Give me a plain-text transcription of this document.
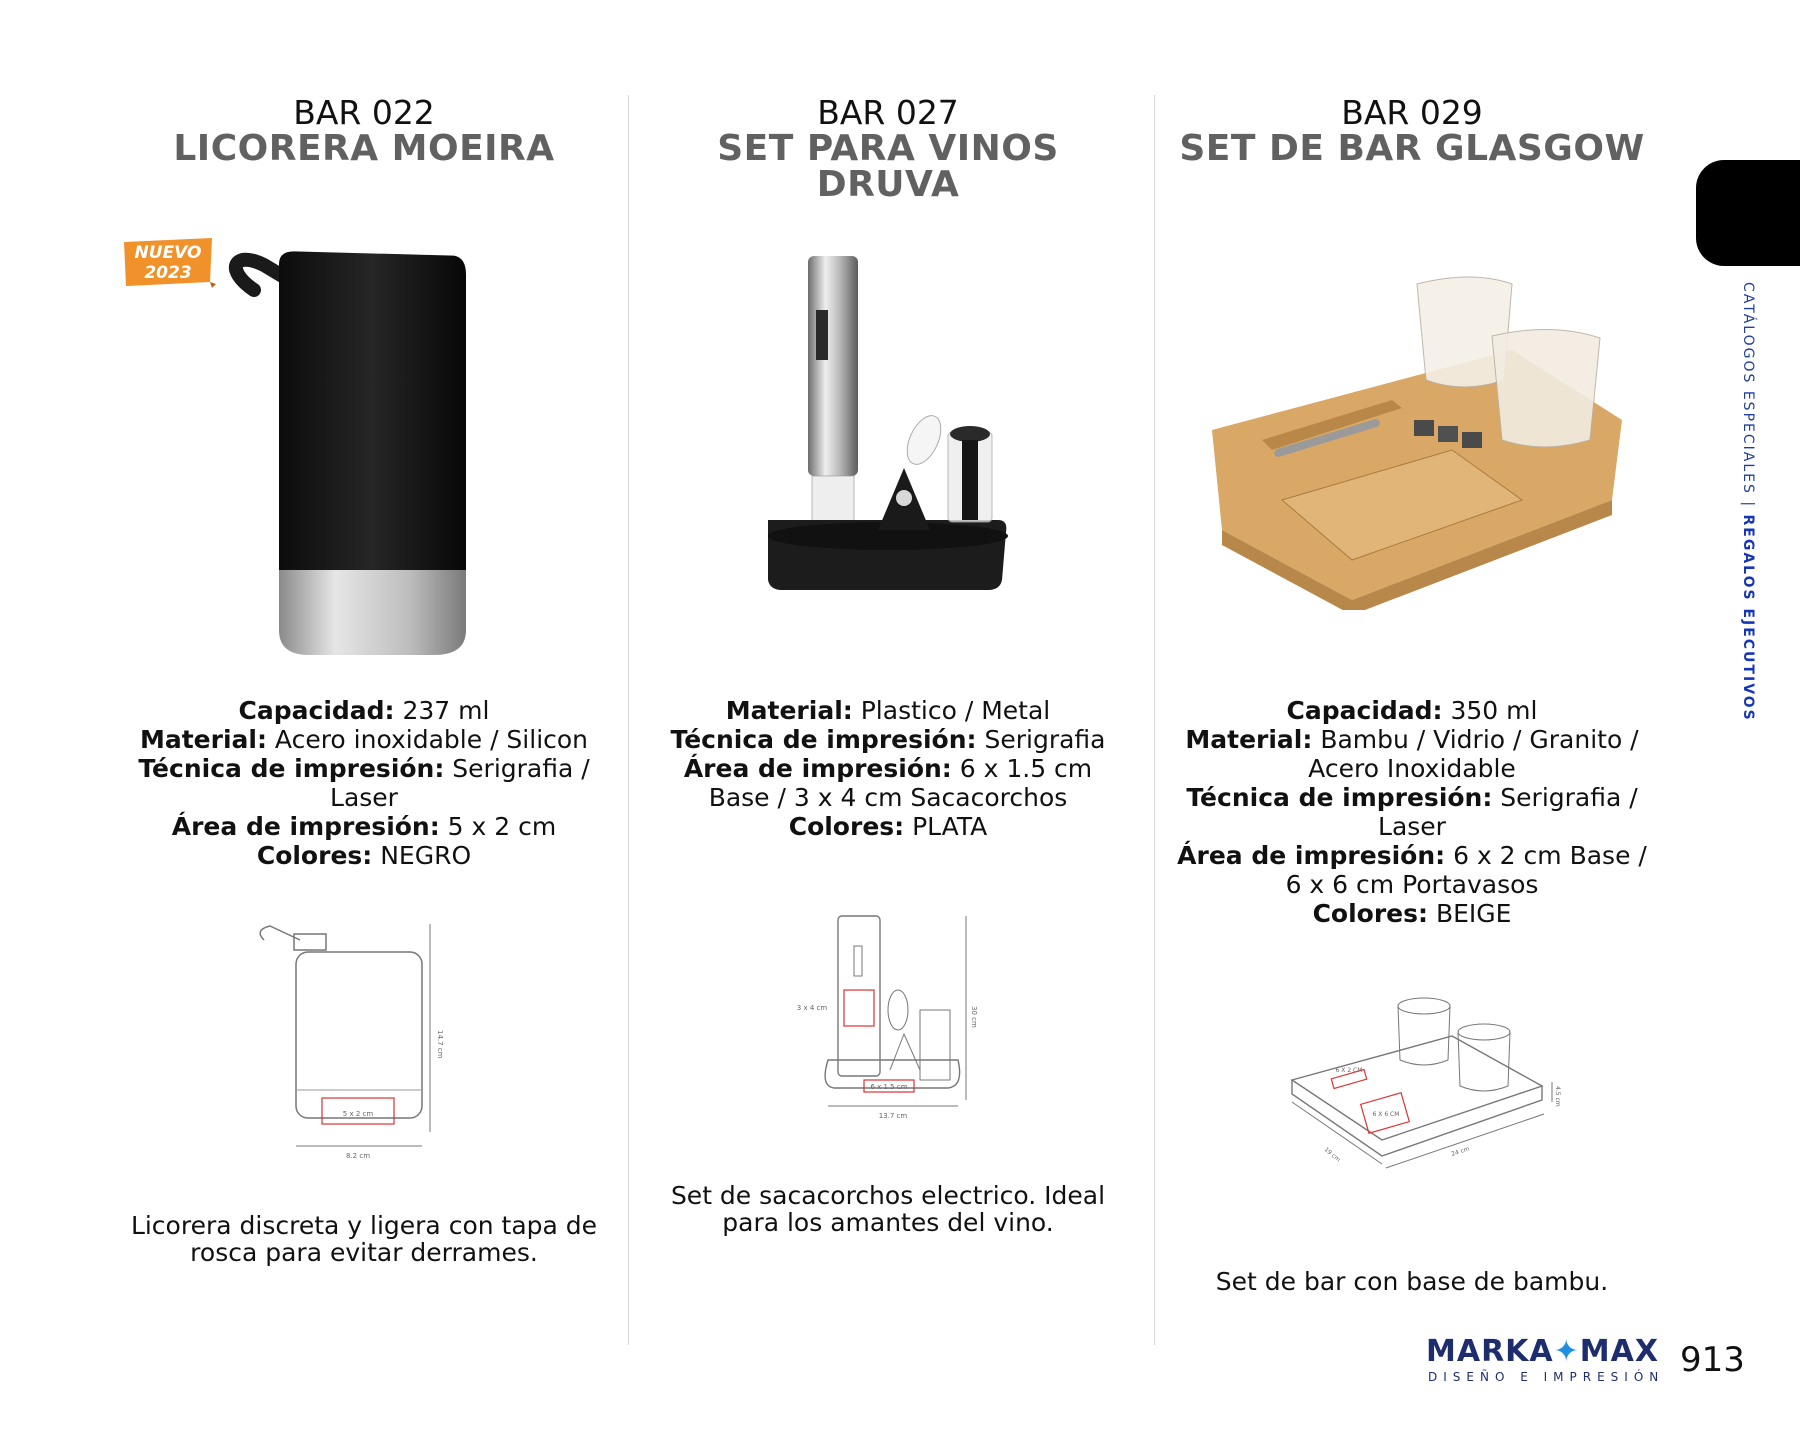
BAR 022
LICORERA MOEIRA
NUEVO
2023
Capacidad: 237 ml
Material: Acero inoxidable / Silicon
Técnica de impresión: Serigrafia /
Laser
Área de impresión: 5 x 2 cm
Colores: NEGRO
5 x 2 cm
14.7 cm
8.2 cm
Licorera discreta y ligera con tapa de
rosca para evitar derrames.
BAR 027
SET PARA VINOS
DRUVA
Material: Plastico / Metal
Técnica de impresión: Serigrafia
Área de impresión: 6 x 1.5 cm
Base / 3 x 4 cm Sacacorchos
Colores: PLATA
3 x 4 cm
6 x 1.5 cm
30 cm
13.7 cm
Set de sacacorchos electrico. Ideal
para los amantes del vino.
BAR 029
SET DE BAR GLASGOW
Capacidad: 350 ml
Material: Bambu / Vidrio / Granito /
Acero Inoxidable
Técnica de impresión: Serigrafia /
Laser
Área de impresión: 6 x 2 cm Base /
6 x 6 cm Portavasos
Colores: BEIGE
6 X 2 CM
6 X 6 CM
19 cm	24 cm
4.5 cm
Set de bar con base de bambu.
CATÁLOGOS ESPECIALES | REGALOS EJECUTIVOS
MARKA✦MAX
DISEÑO E IMPRESIÓN 913
